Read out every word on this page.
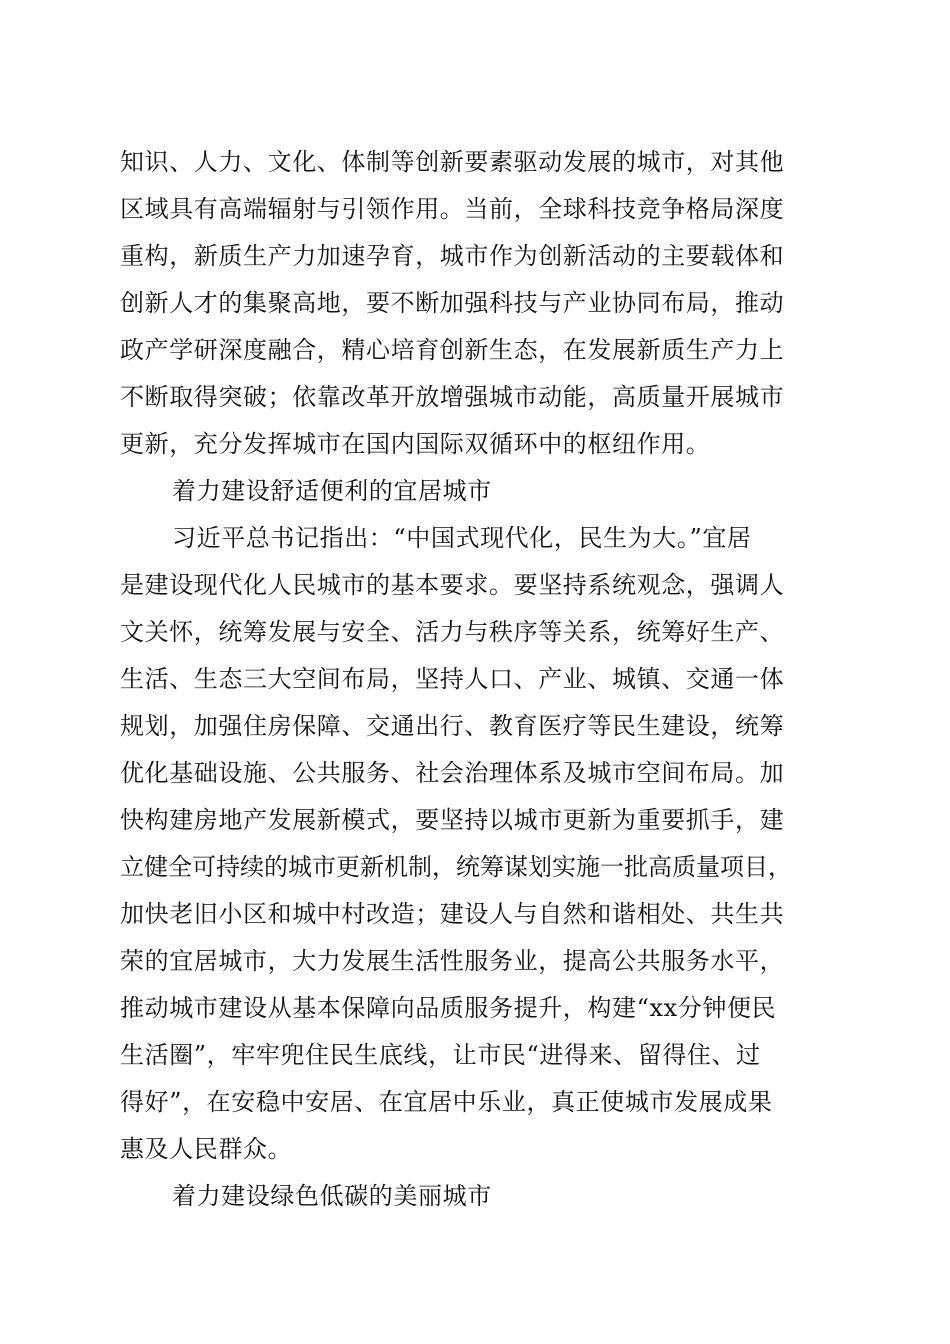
知识、人力、文化、体制等创新要素驱动发展的城市，对其他
区域具有高端辐射与引领作用。当前，全球科技竞争格局深度
重构，新质生产力加速孕育，城市作为创新活动的主要载体和
创新人才的集聚高地，要不断加强科技与产业协同布局，推动
政产学研深度融合，精心培育创新生态，在发展新质生产力上
不断取得突破；依靠改革开放增强城市动能，高质量开展城市
更新，充分发挥城市在国内国际双循环中的枢纽作用。
着力建设舒适便利的宜居城市
习近平总书记指出：“中国式现代化，民生为大。”宜居
是建设现代化人民城市的基本要求。要坚持系统观念，强调人
文关怀，统筹发展与安全、活力与秩序等关系，统筹好生产、
生活、生态三大空间布局，坚持人口、产业、城镇、交通一体
规划，加强住房保障、交通出行、教育医疗等民生建设，统筹
优化基础设施、公共服务、社会治理体系及城市空间布局。加
快构建房地产发展新模式，要坚持以城市更新为重要抓手，建
立健全可持续的城市更新机制，统筹谋划实施一批高质量项目，
加快老旧小区和城中村改造；建设人与自然和谐相处、共生共
荣的宜居城市，大力发展生活性服务业，提高公共服务水平，
推动城市建设从基本保障向品质服务提升，构建“xx分钟便民
生活圈”，牢牢兜住民生底线，让市民“进得来、留得住、过
得好”，在安稳中安居、在宜居中乐业，真正使城市发展成果
惠及人民群众。
着力建设绿色低碳的美丽城市
